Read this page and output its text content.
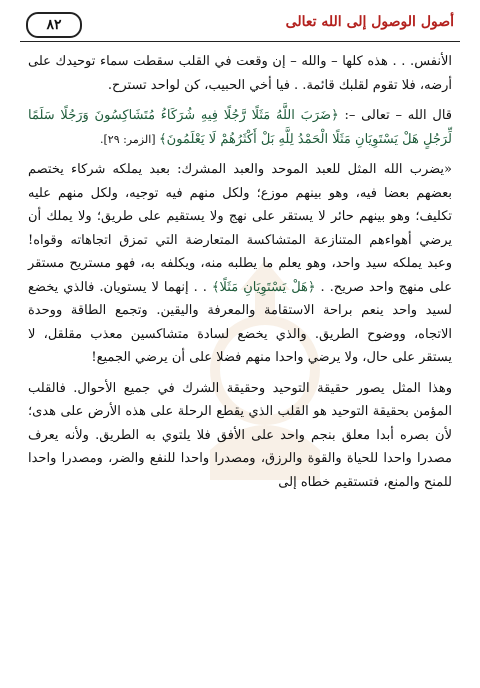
أصول الوصول إلى الله تعالى
٨٢

الأنفس. . . هذه كلها – والله – إن وقعت في القلب سقطت سماء توحيدك على أرضه، فلا تقوم لقلبك قائمة. . فيا أخي الحبيب، كن لواحد تسترح.

قال الله – تعالى –: ﴿ضَرَبَ اللَّهُ مَثَلًا رَّجُلًا فِيهِ شُرَكَاءُ مُتَشَاكِسُونَ وَرَجُلًا سَلَمًا لِّرَجُلٍ هَلْ يَسْتَوِيَانِ مَثَلًا الْحَمْدُ لِلَّهِ بَلْ أَكْثَرُهُمْ لَا يَعْلَمُونَ﴾ [الزمر: ٢٩].

«يضرب الله المثل للعبد الموحد والعبد المشرك: بعبد يملكه شركاء يختصم بعضهم بعضا فيه، وهو بينهم موزع؛ ولكل منهم فيه توجيه، ولكل منهم عليه تكليف؛ وهو بينهم حائر لا يستقر على نهج ولا يستقيم على طريق؛ ولا يملك أن يرضي أهواءهم المتنازعة المتشاكسة المتعارضة التي تمزق اتجاهاته وقواه! وعبد يملكه سيد واحد، وهو يعلم ما يطلبه منه، ويكلفه به، فهو مستريح مستقر على منهج واحد صريح. . ﴿هَلْ يَسْتَوِيَانِ مَثَلًا﴾ . . إنهما لا يستويان. فالذي يخضع لسيد واحد ينعم براحة الاستقامة والمعرفة واليقين. وتجمع الطاقة ووحدة الاتجاه، ووضوح الطريق. والذي يخضع لسادة متشاكسين معذب مقلقل، لا يستقر على حال، ولا يرضي واحدا منهم فضلا على أن يرضي الجميع!

وهذا المثل يصور حقيقة التوحيد وحقيقة الشرك في جميع الأحوال. فالقلب المؤمن بحقيقة التوحيد هو القلب الذي يقطع الرحلة على هذه الأرض على هدى؛ لأن بصره أبدا معلق بنجم واحد على الأفق فلا يلتوي به الطريق. ولأنه يعرف مصدرا واحدا للحياة والقوة والرزق، ومصدرا واحدا للنفع والضر، ومصدرا واحدا للمنح والمنع، فتستقيم خطاه إلى
